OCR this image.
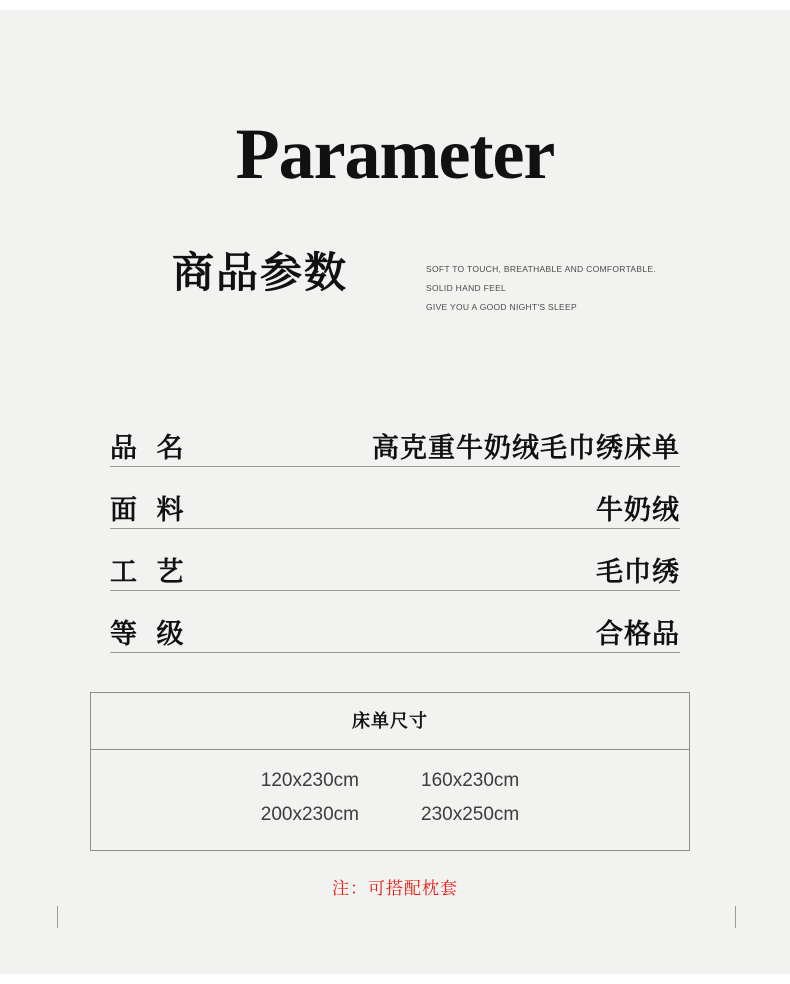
Parameter
商品参数	SOFT TO TOUCH, BREATHABLE AND COMFORTABLE.
SOLID HAND FEEL
GIVE YOU A GOOD NIGHT'S SLEEP
品 名	高克重牛奶绒毛巾绣床单
面 料	牛奶绒
工 艺	毛巾绣
等 级	合格品
床单尺寸
120x230cm	160x230cm
200x230cm	230x250cm
注：可搭配枕套
